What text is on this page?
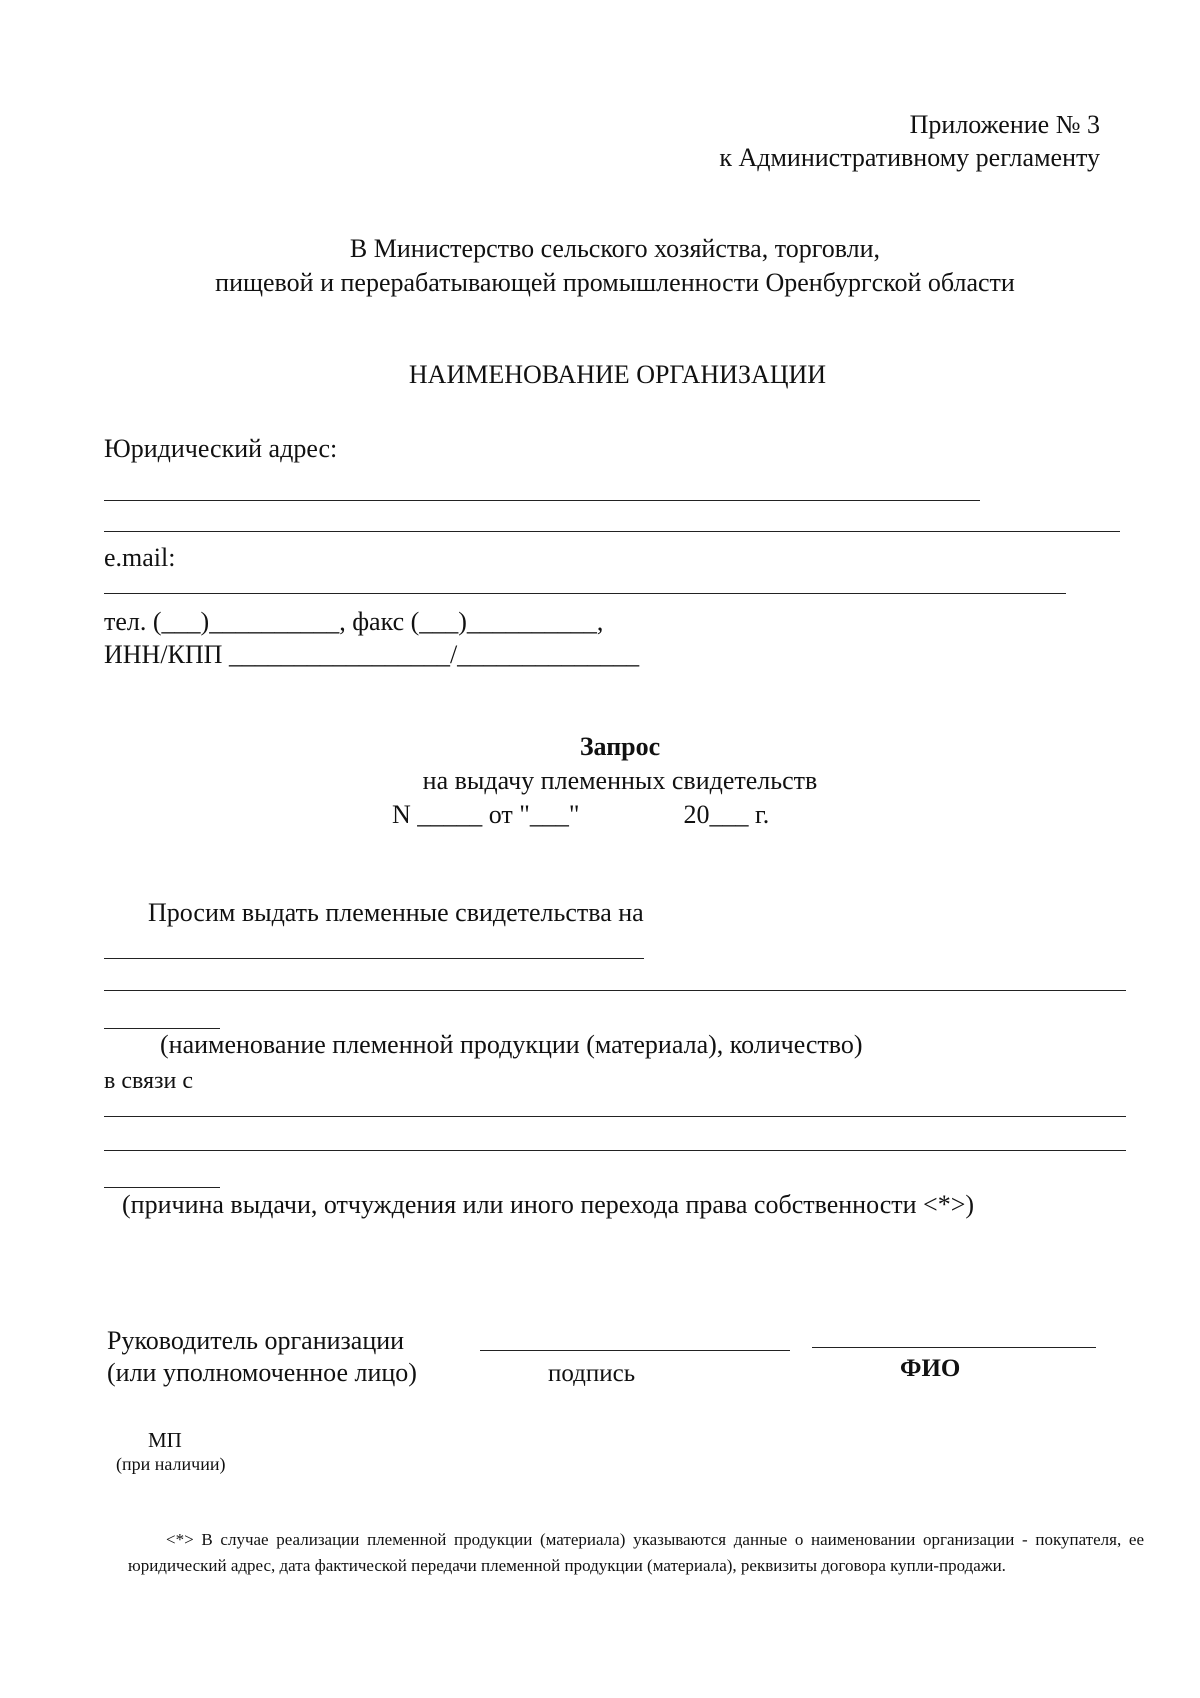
Приложение № 3
к Административному регламенту
В Министерство сельского хозяйства, торговли,
пищевой и перерабатывающей промышленности Оренбургской области
НАИМЕНОВАНИЕ ОРГАНИЗАЦИИ
Юридический адрес:
e.mail:
тел. (___)__________, факс (___)__________,
ИНН/КПП _________________/______________
Запрос
на выдачу племенных свидетельств
N _____ от "___"                20___ г.
Просим выдать племенные свидетельства на
(наименование племенной продукции (материала), количество)
в связи с
(причина выдачи, отчуждения или иного перехода права собственности <*>)
Руководитель организации
(или уполномоченное лицо)	подпись	ФИО
МП
(при наличии)
<*> В случае реализации племенной продукции (материала) указываются данные о наименовании организации - покупателя, ее юридический адрес, дата фактической передачи племенной продукции (материала), реквизиты договора купли-продажи.
